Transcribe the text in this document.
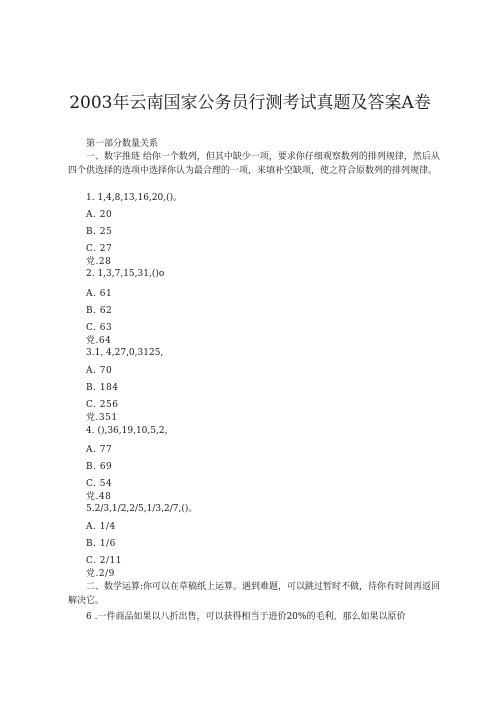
2003年云南国家公务员行测考试真题及答案A卷
第一部分数量关系

一、数字推琏 给你一个数列，但其中缺少一项，要求你仔细观察数列的排列规律，然后从四个供选择的选项中选择你认为最合理的一项，来填补空缺项，使之符合原数列的排列规律。

1. 1,4,8,13,16,20,()。
A. 20
B. 25
C. 27
党.28
2. 1,3,7,15,31,()o
A. 61
B. 62
C. 63
党.64
3.1, 4,27,0,3125,
A. 70
B. 184
C. 256
党.351
4. (),36,19,10,5,2,
A. 77
B. 69
C. 54
党.48
5.2/3,1/2,2/5,1/3,2/7,()。
A. 1/4
B. 1/6
C. 2/11
党.2/9

二、数学运算:你可以在草稿纸上运算。遇到难题，可以跳过暂时不做，待你有时间再返回解决它。

6 .一件商品如果以八折出售，可以获得相当于进价20%的毛利，那么如果以原价
